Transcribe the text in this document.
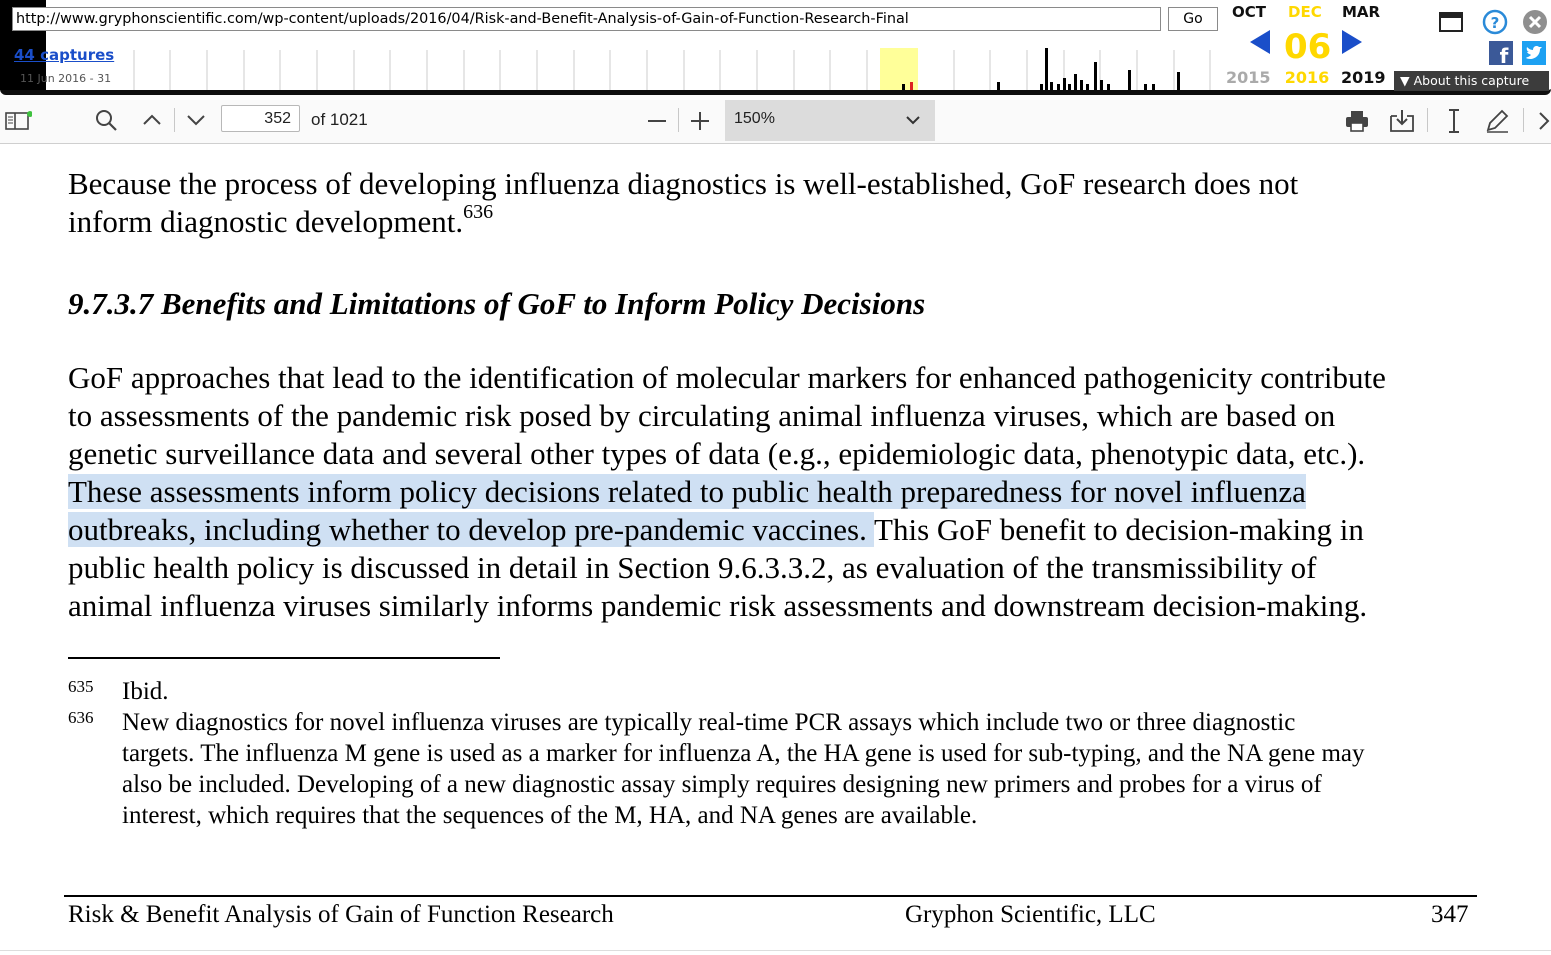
http://www.gryphonscientific.com/wp-content/uploads/2016/04/Risk-and-Benefit-Analysis-of-Gain-of-Function-Research-Final	Go
44 captures
11 Jun 2016 - 31
OCT DEC
06
2016
MAR
2015	2019
?
f
▼ About this capture
352	of 1021	150%
Because the process of developing influenza diagnostics is well-established, GoF research does not
inform diagnostic development.$^{636}$
9.7.3.7 Benefits and Limitations of GoF to Inform Policy Decisions
GoF approaches that lead to the identification of molecular markers for enhanced pathogenicity contribute
to assessments of the pandemic risk posed by circulating animal influenza viruses, which are based on
genetic surveillance data and several other types of data (e.g., epidemiologic data, phenotypic data, etc.).
These assessments inform policy decisions related to public health preparedness for novel influenza
outbreaks, including whether to develop pre-pandemic vaccines. This GoF benefit to decision-making in
public health policy is discussed in detail in Section 9.6.3.3.2, as evaluation of the transmissibility of
animal influenza viruses similarly informs pandemic risk assessments and downstream decision-making.
635 Ibid.
636 New diagnostics for novel influenza viruses are typically real-time PCR assays which include two or three diagnostic
targets. The influenza M gene is used as a marker for influenza A, the HA gene is used for sub-typing, and the NA gene may
also be included. Developing of a new diagnostic assay simply requires designing new primers and probes for a virus of
interest, which requires that the sequences of the M, HA, and NA genes are available.
Risk & Benefit Analysis of Gain of Function Research	Gryphon Scientific, LLC	347
